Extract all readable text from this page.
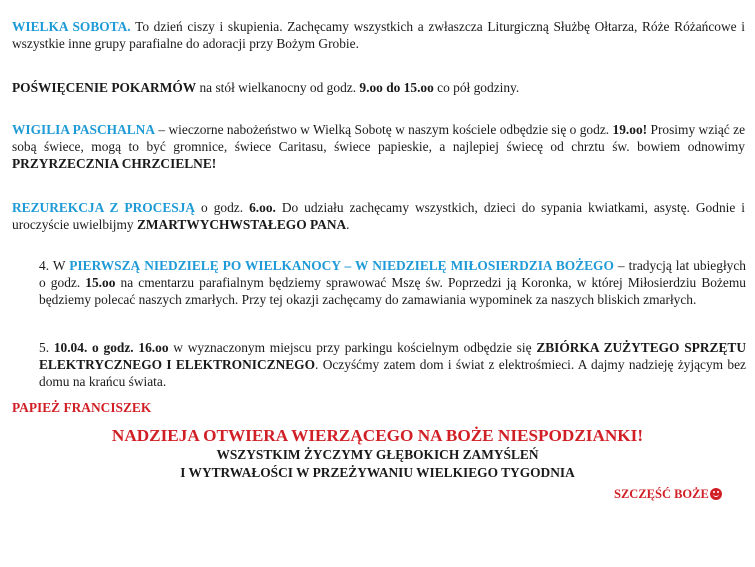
WIELKA SOBOTA. To dzień ciszy i skupienia. Zachęcamy wszystkich a zwłaszcza Liturgiczną Służbę Ołtarza, Róże Różańcowe i wszystkie inne grupy parafialne do adoracji przy Bożym Grobie.
POŚWIĘCENIE POKARMÓW na stół wielkanocny od godz. 9.oo do 15.oo co pół godziny.
WIGILIA PASCHALNA – wieczorne nabożeństwo w Wielką Sobotę w naszym kościele odbędzie się o godz. 19.oo! Prosimy wziąć ze sobą świece, mogą to być gromnice, świece Caritasu, świece papieskie, a najlepiej świecę od chrztu św. bowiem odnowimy PRZYRZECZNIA CHRZCIELNE!
REZUREKCJA Z PROCESJĄ o godz. 6.oo. Do udziału zachęcamy wszystkich, dzieci do sypania kwiatkami, asystę. Godnie i uroczyście uwielbijmy ZMARTWYCHWSTAŁEGO PANA.
4. W PIERWSZĄ NIEDZIELĘ PO WIELKANOCY – W NIEDZIELĘ MIŁOSIERDZIA BOŻEGO – tradycją lat ubiegłych o godz. 15.oo na cmentarzu parafialnym będziemy sprawować Mszę św. Poprzedzi ją Koronka, w której Miłosierdziu Bożemu będziemy polecać naszych zmarłych. Przy tej okazji zachęcamy do zamawiania wypominek za naszych bliskich zmarłych.
5. 10.04. o godz. 16.oo w wyznaczonym miejscu przy parkingu kościelnym odbędzie się ZBIÓRKA ZUŻYTEGO SPRZĘTU ELEKTRYCZNEGO I ELEKTRONICZNEGO. Oczyśćmy zatem dom i świat z elektrośmieci. A dajmy nadzieję żyjącym bez domu na krańcu świata.
PAPIEŻ FRANCISZEK
NADZIEJA OTWIERA WIERZĄCEGO NA BOŻE NIESPODZIANKI!
WSZYSTKIM ŻYCZYMY GŁĘBOKICH ZAMYŚLEŃ
I WYTRWAŁOŚCI W PRZEŻYWANIU WIELKIEGO TYGODNIA
SZCZĘŚĆ BOŻE
